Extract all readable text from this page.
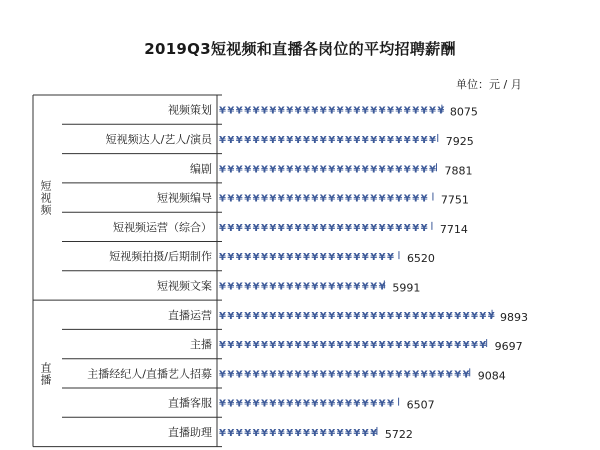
2019Q3短视频和直播各岗位的平均招聘薪酬
单位：元 / 月
短视频
直播
视频策划 ¥ ¥ ¥ ¥ ¥ ¥ ¥ ¥ ¥ ¥ ¥ ¥ ¥ ¥ ¥ ¥ ¥ ¥ ¥ ¥ ¥ ¥ ¥ ¥ ¥ ¥ ¥ 8075
短视频达人/艺人/演员 ¥ ¥ ¥ ¥ ¥ ¥ ¥ ¥ ¥ ¥ ¥ ¥ ¥ ¥ ¥ ¥ ¥ ¥ ¥ ¥ ¥ ¥ ¥ ¥ ¥ ¥ 7925
编剧 ¥ ¥ ¥ ¥ ¥ ¥ ¥ ¥ ¥ ¥ ¥ ¥ ¥ ¥ ¥ ¥ ¥ ¥ ¥ ¥ ¥ ¥ ¥ ¥ ¥ ¥ 7881
短视频编导 ¥ ¥ ¥ ¥ ¥ ¥ ¥ ¥ ¥ ¥ ¥ ¥ ¥ ¥ ¥ ¥ ¥ ¥ ¥ ¥ ¥ ¥ ¥ ¥ ¥ 7751
短视频运营（综合） ¥ ¥ ¥ ¥ ¥ ¥ ¥ ¥ ¥ ¥ ¥ ¥ ¥ ¥ ¥ ¥ ¥ ¥ ¥ ¥ ¥ ¥ ¥ ¥ ¥ 7714
短视频拍摄/后期制作 ¥ ¥ ¥ ¥ ¥ ¥ ¥ ¥ ¥ ¥ ¥ ¥ ¥ ¥ ¥ ¥ ¥ ¥ ¥ ¥ ¥ 6520
短视频文案 ¥ ¥ ¥ ¥ ¥ ¥ ¥ ¥ ¥ ¥ ¥ ¥ ¥ ¥ ¥ ¥ ¥ ¥ ¥ ¥ 5991
直播运营 ¥ ¥ ¥ ¥ ¥ ¥ ¥ ¥ ¥ ¥ ¥ ¥ ¥ ¥ ¥ ¥ ¥ ¥ ¥ ¥ ¥ ¥ ¥ ¥ ¥ ¥ ¥ ¥ ¥ ¥ ¥ ¥ ¥ 9893
主播 ¥ ¥ ¥ ¥ ¥ ¥ ¥ ¥ ¥ ¥ ¥ ¥ ¥ ¥ ¥ ¥ ¥ ¥ ¥ ¥ ¥ ¥ ¥ ¥ ¥ ¥ ¥ ¥ ¥ ¥ ¥ ¥ 9697
主播经纪人/直播艺人招募 ¥ ¥ ¥ ¥ ¥ ¥ ¥ ¥ ¥ ¥ ¥ ¥ ¥ ¥ ¥ ¥ ¥ ¥ ¥ ¥ ¥ ¥ ¥ ¥ ¥ ¥ ¥ ¥ ¥ ¥ 9084
直播客服 ¥ ¥ ¥ ¥ ¥ ¥ ¥ ¥ ¥ ¥ ¥ ¥ ¥ ¥ ¥ ¥ ¥ ¥ ¥ ¥ ¥ 6507
直播助理 ¥ ¥ ¥ ¥ ¥ ¥ ¥ ¥ ¥ ¥ ¥ ¥ ¥ ¥ ¥ ¥ ¥ ¥ ¥ 5722
